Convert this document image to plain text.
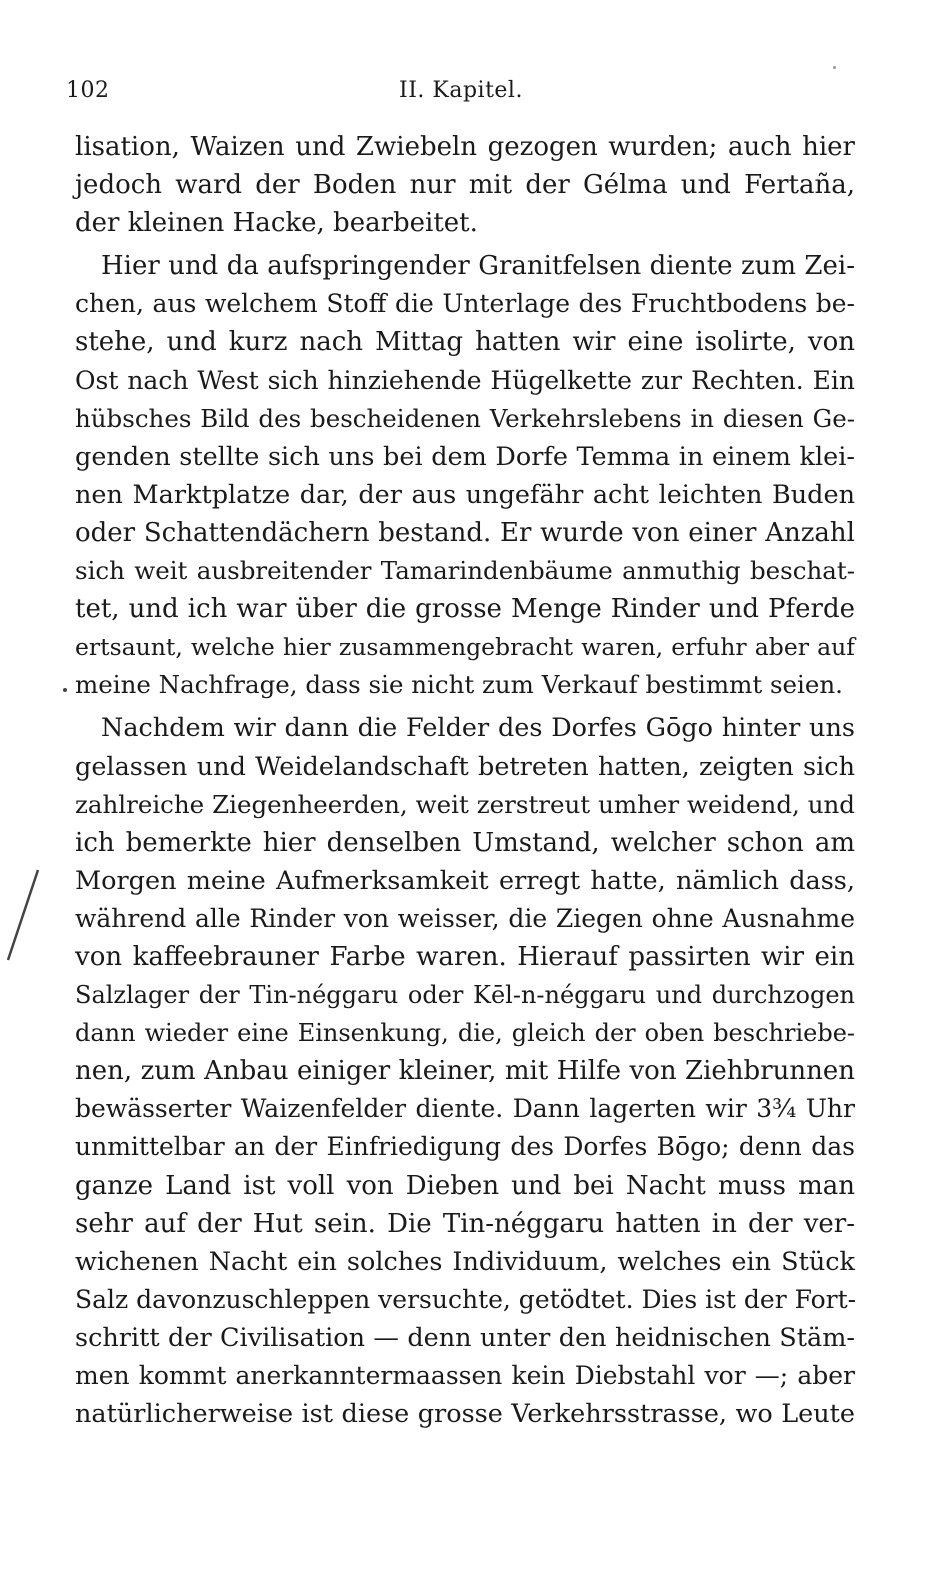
102	II. Kapitel.
lisation, Waizen und Zwiebeln gezogen wurden; auch hier
jedoch ward der Boden nur mit der Gélma und Fertaña,
der kleinen Hacke, bearbeitet.
Hier und da aufspringender Granitfelsen diente zum Zei-
chen, aus welchem Stoff die Unterlage des Fruchtbodens be-
stehe, und kurz nach Mittag hatten wir eine isolirte, von
Ost nach West sich hinziehende Hügelkette zur Rechten. Ein
hübsches Bild des bescheidenen Verkehrslebens in diesen Ge-
genden stellte sich uns bei dem Dorfe Temma in einem klei-
nen Marktplatze dar, der aus ungefähr acht leichten Buden
oder Schattendächern bestand. Er wurde von einer Anzahl
sich weit ausbreitender Tamarindenbäume anmuthig beschat-
tet, und ich war über die grosse Menge Rinder und Pferde
ertsaunt, welche hier zusammengebracht waren, erfuhr aber auf
meine Nachfrage, dass sie nicht zum Verkauf bestimmt seien.
Nachdem wir dann die Felder des Dorfes Gōgo hinter uns
gelassen und Weidelandschaft betreten hatten, zeigten sich
zahlreiche Ziegenheerden, weit zerstreut umher weidend, und
ich bemerkte hier denselben Umstand, welcher schon am
Morgen meine Aufmerksamkeit erregt hatte, nämlich dass,
während alle Rinder von weisser, die Ziegen ohne Ausnahme
von kaffeebrauner Farbe waren. Hierauf passirten wir ein
Salzlager der Tin-néggaru oder Kēl-n-néggaru und durchzogen
dann wieder eine Einsenkung, die, gleich der oben beschriebe-
nen, zum Anbau einiger kleiner, mit Hilfe von Ziehbrunnen
bewässerter Waizenfelder diente. Dann lagerten wir 3¾ Uhr
unmittelbar an der Einfriedigung des Dorfes Bōgo; denn das
ganze Land ist voll von Dieben und bei Nacht muss man
sehr auf der Hut sein. Die Tin-néggaru hatten in der ver-
wichenen Nacht ein solches Individuum, welches ein Stück
Salz davonzuschleppen versuchte, getödtet. Dies ist der Fort-
schritt der Civilisation — denn unter den heidnischen Stäm-
men kommt anerkanntermaassen kein Diebstahl vor —; aber
natürlicherweise ist diese grosse Verkehrsstrasse, wo Leute
